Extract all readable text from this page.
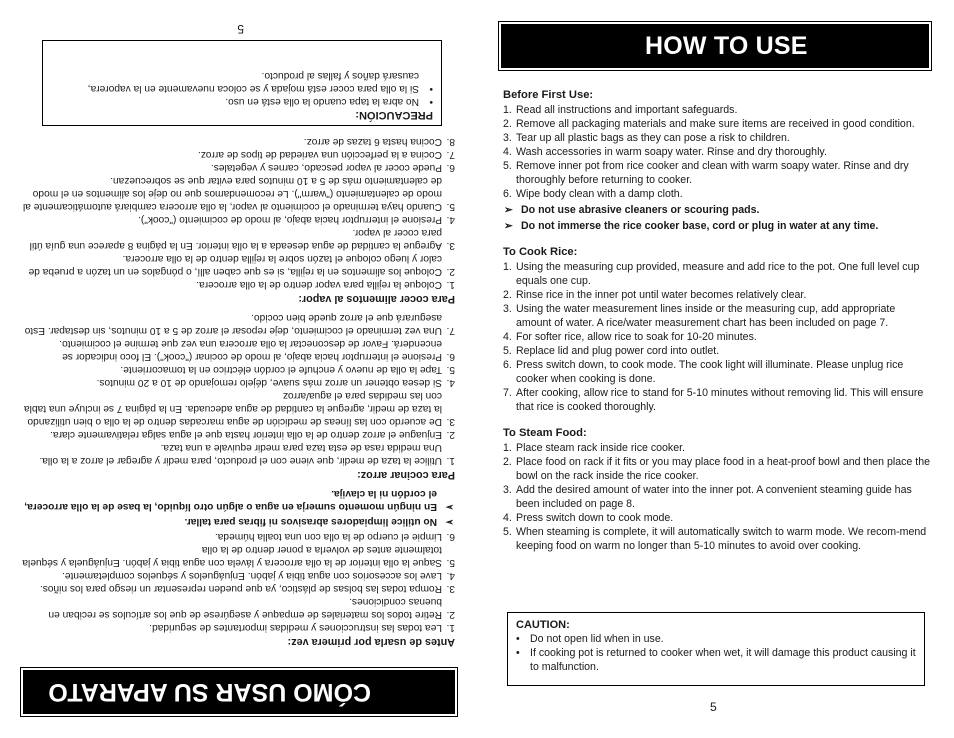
CÓMO USAR SU APARATO
Antes de usarla por primera vez:
1.
Lea todas las instrucciones y medidas importantes de seguridad.
2.
Retire todos los materiales de empaque y asegúrese de que los artículos se reciban en buenas condiciones.
3.
Rompa todas las bolsas de plástico, ya que pueden representar un riesgo para los niños.
4.
Lave los accesorios con agua tibia y jabón. Enjuáguelos y séquelos completamente.
5.
Saque la olla interior de la olla arrocera y lávela con agua tibia y jabón. Enjuáguela y séquela totalmente antes de volverla a poner dentro de la olla
6.
Limpie el cuerpo de la olla con una toalla húmeda.
➢
No utilice limpiadores abrasivos ni fibras para tallar.
➢
En ningún momento sumerja en agua o algún otro líquido, la base de la olla arrocera, el cordón ni la clavija.
Para cocinar arroz:
1.
Utilice la taza de medir, que viene con el producto, para medir y agregar el arroz a la olla. Una medida rasa de esta taza para medir equivale a una taza.
2.
Enjuague el arroz dentro de la olla interior hasta que el agua salga relativamente clara.
3.
De acuerdo con las líneas de medición de agua marcadas dentro de la olla o bien utilizando la taza de medir, agregue la cantidad de agua adecuada. En la página 7 se incluye una tabla con las medidas para el agua/arroz
4.
Si desea obtener un arroz más suave, déjelo remojando de 10 a 20 minutos.
5.
Tape la olla de nuevo y enchufe el cordón eléctrico en la tomacorriente.
6.
Presione el interruptor hacia abajo, al modo de cocinar ("cook"). El foco indicador se encenderá. Favor de desconectar la olla arrocera una vez que termine el cocimiento.
7.
Una vez terminado el cocimiento, deje reposar el arroz de 5 a 10 minutos, sin destapar. Esto asegurará que el arroz quede bien cocido.
Para cocer alimentos al vapor:
1.
Coloque la rejilla para vapor dentro de la olla arrocera.
2.
Coloque los alimentos en la rejilla, si es que caben allí, o póngalos en un tazón a prueba de calor y luego coloque el tazón sobre la rejilla dentro de la olla arrocera.
3.
Agregue la cantidad de agua deseada a la olla interior. En la página 8 aparece una guía útil para cocer al vapor.
4.
Presione el interruptor hacia abajo, al modo de cocimiento ("cook").
5.
Cuando haya terminado el cocimiento al vapor, la olla arrocera cambiará automáticamente al modo de calentamiento ("warm"). Le recomendamos que no deje los alimentos en el modo de calentamiento más de 5 a 10 minutos para evitar que se sobrecuezan.
6.
Puede cocer al vapor pescado, carnes y vegetales.
7.
Cocina a la perfección una variedad de tipos de arroz.
8.
Cocina hasta 6 tazas de arroz.
PRECAUCIÓN:
•
No abra la tapa cuando la olla está en uso.
•
Si la olla para cocer está mojada y se coloca nuevamente en la vaporera, causará daños y fallas al producto.
5
HOW TO USE
Before First Use:
1. Read all instructions and important safeguards.
2. Remove all packaging materials and make sure items are received in good condition.
3. Tear up all plastic bags as they can pose a risk to children.
4. Wash accessories in warm soapy water. Rinse and dry thoroughly.
5. Remove inner pot from rice cooker and clean with warm soapy water. Rinse and dry thoroughly before returning to cooker.
6. Wipe body clean with a damp cloth.
➢ Do not use abrasive cleaners or scouring pads.
➢ Do not immerse the rice cooker base, cord or plug in water at any time.
To Cook Rice:
1. Using the measuring cup provided, measure and add rice to the pot. One full level cup equals one cup.
2. Rinse rice in the inner pot until water becomes relatively clear.
3. Using the water measurement lines inside or the measuring cup, add appropriate amount of water. A rice/water measurement chart has been included on page 7.
4. For softer rice, allow rice to soak for 10-20 minutes.
5. Replace lid and plug power cord into outlet.
6. Press switch down, to cook mode. The cook light will illuminate. Please unplug rice cooker when cooking is done.
7. After cooking, allow rice to stand for 5-10 minutes without removing lid. This will ensure that rice is cooked thoroughly.
To Steam Food:
1. Place steam rack inside rice cooker.
2. Place food on rack if it fits or you may place food in a heat-proof bowl and then place the bowl on the rack inside the rice cooker.
3. Add the desired amount of water into the inner pot. A convenient steaming guide has been included on page 8.
4. Press switch down to cook mode.
5. When steaming is complete, it will automatically switch to warm mode. We recom-mend keeping food on warm no longer than 5-10 minutes to avoid over cooking.
CAUTION:
• Do not open lid when in use.
• If cooking pot is returned to cooker when wet, it will damage this product causing it to malfunction.
5
